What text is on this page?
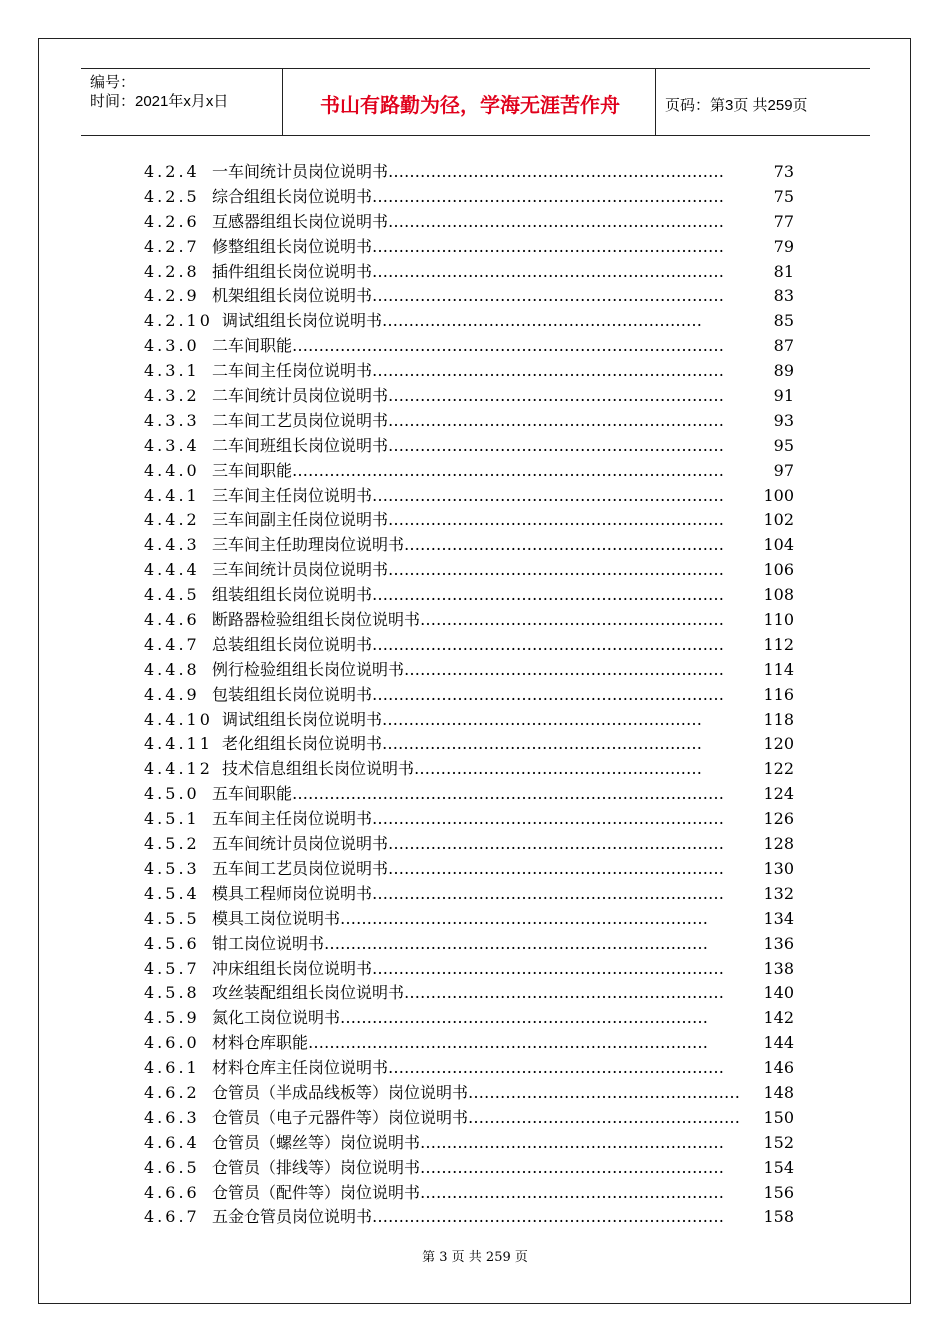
编号：
时间：2021年x月x日	书山有路勤为径，学海无涯苦作舟	页码：第3页 共259页
4.2.4 一车间统计员岗位说明书………………………………………………………	73
4.2.5 综合组组长岗位说明书…………………………………………………………	75
4.2.6 互感器组组长岗位说明书………………………………………………………	77
4.2.7 修整组组长岗位说明书…………………………………………………………	79
4.2.8 插件组组长岗位说明书…………………………………………………………	81
4.2.9 机架组组长岗位说明书…………………………………………………………	83
4.2.10 调试组组长岗位说明书……………………………………………………	85
4.3.0 二车间职能………………………………………………………………………	87
4.3.1 二车间主任岗位说明书…………………………………………………………	89
4.3.2 二车间统计员岗位说明书………………………………………………………	91
4.3.3 二车间工艺员岗位说明书………………………………………………………	93
4.3.4 二车间班组长岗位说明书………………………………………………………	95
4.4.0 三车间职能………………………………………………………………………	97
4.4.1 三车间主任岗位说明书………………………………………………………… 100
4.4.2 三车间副主任岗位说明书……………………………………………………… 102
4.4.3 三车间主任助理岗位说明书…………………………………………………… 104
4.4.4 三车间统计员岗位说明书……………………………………………………… 106
4.4.5 组装组组长岗位说明书………………………………………………………… 108
4.4.6 断路器检验组组长岗位说明书………………………………………………… 110
4.4.7 总装组组长岗位说明书………………………………………………………… 112
4.4.8 例行检验组组长岗位说明书…………………………………………………… 114
4.4.9 包装组组长岗位说明书………………………………………………………… 116
4.4.10 调试组组长岗位说明书……………………………………………………	118
4.4.11 老化组组长岗位说明书……………………………………………………	120
4.4.12 技术信息组组长岗位说明书………………………………………………	122
4.5.0 五车间职能……………………………………………………………………… 124
4.5.1 五车间主任岗位说明书………………………………………………………… 126
4.5.2 五车间统计员岗位说明书……………………………………………………… 128
4.5.3 五车间工艺员岗位说明书……………………………………………………… 130
4.5.4 模具工程师岗位说明书………………………………………………………… 132
4.5.5 模具工岗位说明书……………………………………………………………	134
4.5.6 钳工岗位说明书………………………………………………………………	136
4.5.7 冲床组组长岗位说明书………………………………………………………… 138
4.5.8 攻丝装配组组长岗位说明书…………………………………………………… 140
4.5.9 氮化工岗位说明书……………………………………………………………	142
4.6.0 材料仓库职能…………………………………………………………………	144
4.6.1 材料仓库主任岗位说明书……………………………………………………… 146
4.6.2 仓管员（半成品线板等）岗位说明书…………………………………………… 148
4.6.3 仓管员（电子元器件等）岗位说明书…………………………………………… 150
4.6.4 仓管员（螺丝等）岗位说明书………………………………………………… 152
4.6.5 仓管员（排线等）岗位说明书………………………………………………… 154
4.6.6 仓管员（配件等）岗位说明书………………………………………………… 156
4.6.7 五金仓管员岗位说明书………………………………………………………… 158
第 3 页 共 259 页
